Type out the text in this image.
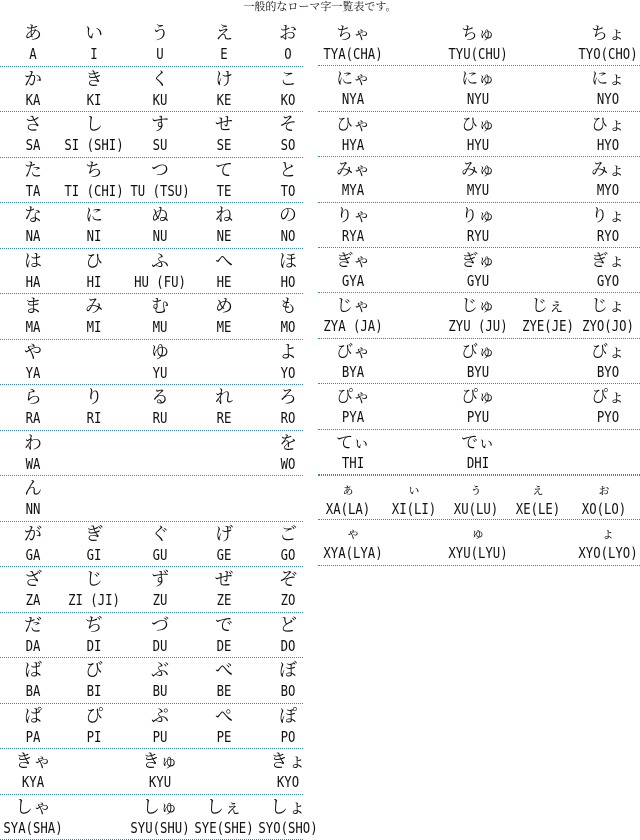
一般的なローマ字一覧表です。
あ
A
い
I
う
U
え
E
お
O
か
KA
き
KI
く
KU
け
KE
こ
KO
さ
SA
し
SI (SHI)
す
SU
せ
SE
そ
SO
た
TA
ち
TI (CHI)
つ
TU (TSU)
て
TE
と
TO
な
NA
に
NI
ぬ
NU
ね
NE
の
NO
は
HA
ひ
HI
ふ
HU (FU)
へ
HE
ほ
HO
ま
MA
み
MI
む
MU
め
ME
も
MO
や
YA
ゆ
YU
よ
YO
ら
RA
り
RI
る
RU
れ
RE
ろ
RO
わ
WA
を
WO
ん
NN
が
GA
ぎ
GI
ぐ
GU
げ
GE
ご
GO
ざ
ZA
じ
ZI (JI)
ず
ZU
ぜ
ZE
ぞ
ZO
だ
DA
ぢ
DI
づ
DU
で
DE
ど
DO
ば
BA
び
BI
ぶ
BU
べ
BE
ぼ
BO
ぱ
PA
ぴ
PI
ぷ
PU
ぺ
PE
ぽ
PO
きゃ
KYA
きゅ
KYU
きょ
KYO
しゃ
SYA(SHA)
しゅ
SYU(SHU)
しぇ
SYE(SHE)
しょ
SYO(SHO)
ちゃ
TYA(CHA)
ちゅ
TYU(CHU)
ちょ
TYO(CHO)
にゃ
NYA
にゅ
NYU
にょ
NYO
ひゃ
HYA
ひゅ
HYU
ひょ
HYO
みゃ
MYA
みゅ
MYU
みょ
MYO
りゃ
RYA
りゅ
RYU
りょ
RYO
ぎゃ
GYA
ぎゅ
GYU
ぎょ
GYO
じゃ
ZYA (JA)
じゅ
ZYU (JU)
じぇ
ZYE(JE)
じょ
ZYO(JO)
びゃ
BYA
びゅ
BYU
びょ
BYO
ぴゃ
PYA
ぴゅ
PYU
ぴょ
PYO
てぃ
THI
でぃ
DHI
ぁ
XA(LA)
ぃ
XI(LI)
ぅ
XU(LU)
ぇ
XE(LE)
ぉ
XO(LO)
ゃ
XYA(LYA)
ゅ
XYU(LYU)
ょ
XYO(LYO)
